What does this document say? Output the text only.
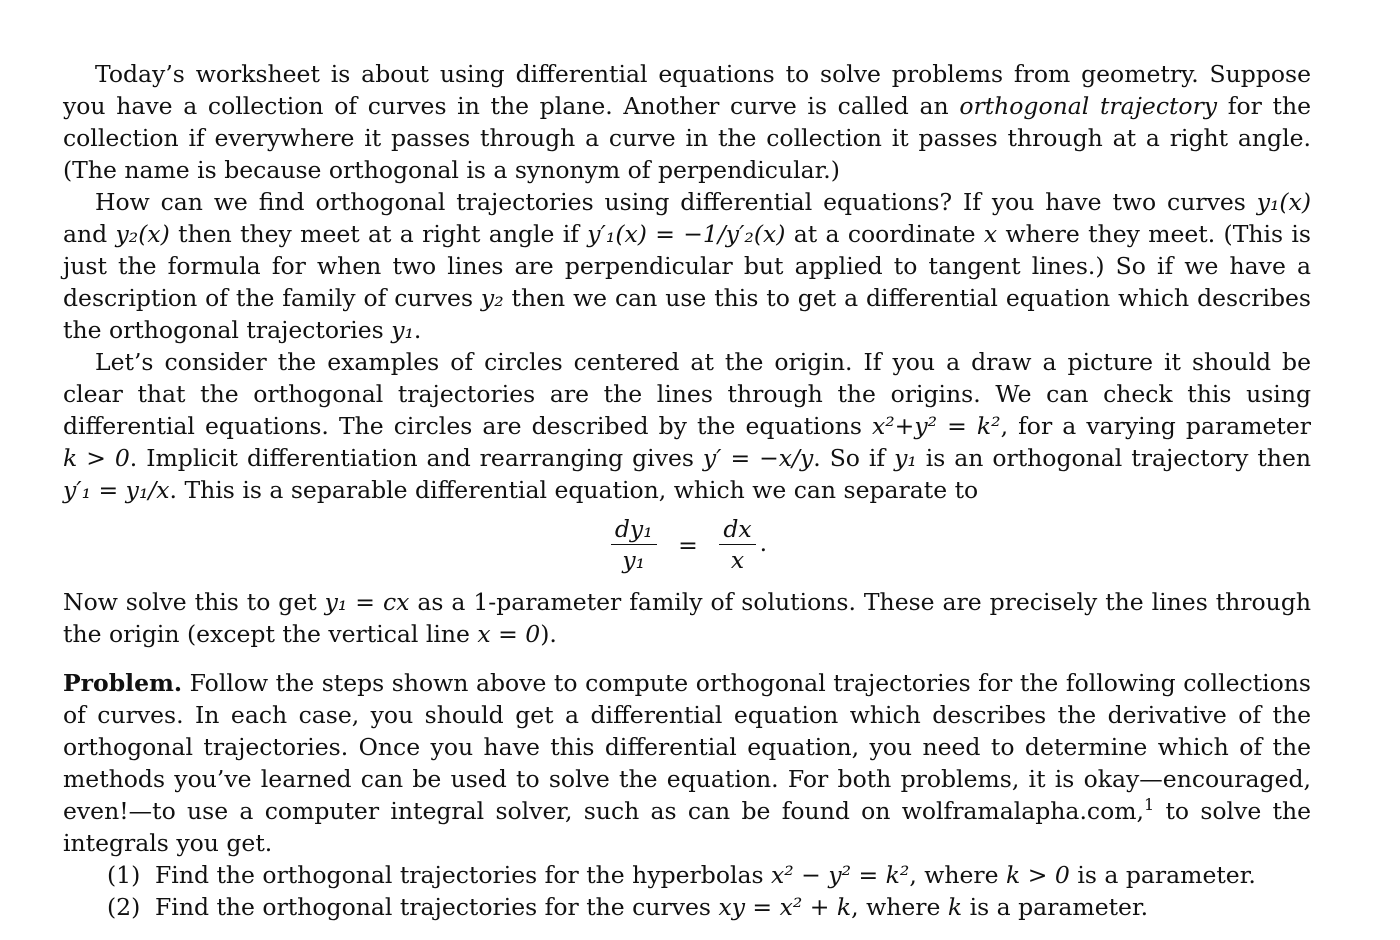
Today’s worksheet is about using differential equations to solve problems from geometry. Suppose you have a collection of curves in the plane. Another curve is called an orthogonal trajectory for the collection if everywhere it passes through a curve in the collection it passes through at a right angle. (The name is because orthogonal is a synonym of perpendicular.)

How can we find orthogonal trajectories using differential equations? If you have two curves y₁(x) and y₂(x) then they meet at a right angle if y′₁(x) = −1/y′₂(x) at a coordinate x where they meet. (This is just the formula for when two lines are perpendicular but applied to tangent lines.) So if we have a description of the family of curves y₂ then we can use this to get a differential equation which describes the orthogonal trajectories y₁.

Let’s consider the examples of circles centered at the origin. If you a draw a picture it should be clear that the orthogonal trajectories are the lines through the origins. We can check this using differential equations. The circles are described by the equations x²+y² = k², for a varying parameter k > 0. Implicit differentiation and rearranging gives y′ = −x/y. So if y₁ is an orthogonal trajectory then y′₁ = y₁/x. This is a separable differential equation, which we can separate to

$\frac{\text{dy₁}}{\text{y₁}} = \frac{dx}{x}$ .

Now solve this to get y₁ = cx as a 1-parameter family of solutions. These are precisely the lines through the origin (except the vertical line x = 0).

Problem. Follow the steps shown above to compute orthogonal trajectories for the following collections of curves. In each case, you should get a differential equation which describes the derivative of the orthogonal trajectories. Once you have this differential equation, you need to determine which of the methods you’ve learned can be used to solve the equation. For both problems, it is okay—encouraged, even!—to use a computer integral solver, such as can be found on wolframalapha.com,$^1$ to solve the integrals you get.

(1) Find the orthogonal trajectories for the hyperbolas x² − y² = k², where k > 0 is a parameter.
(2) Find the orthogonal trajectories for the curves xy = x² + k, where k is a parameter.
